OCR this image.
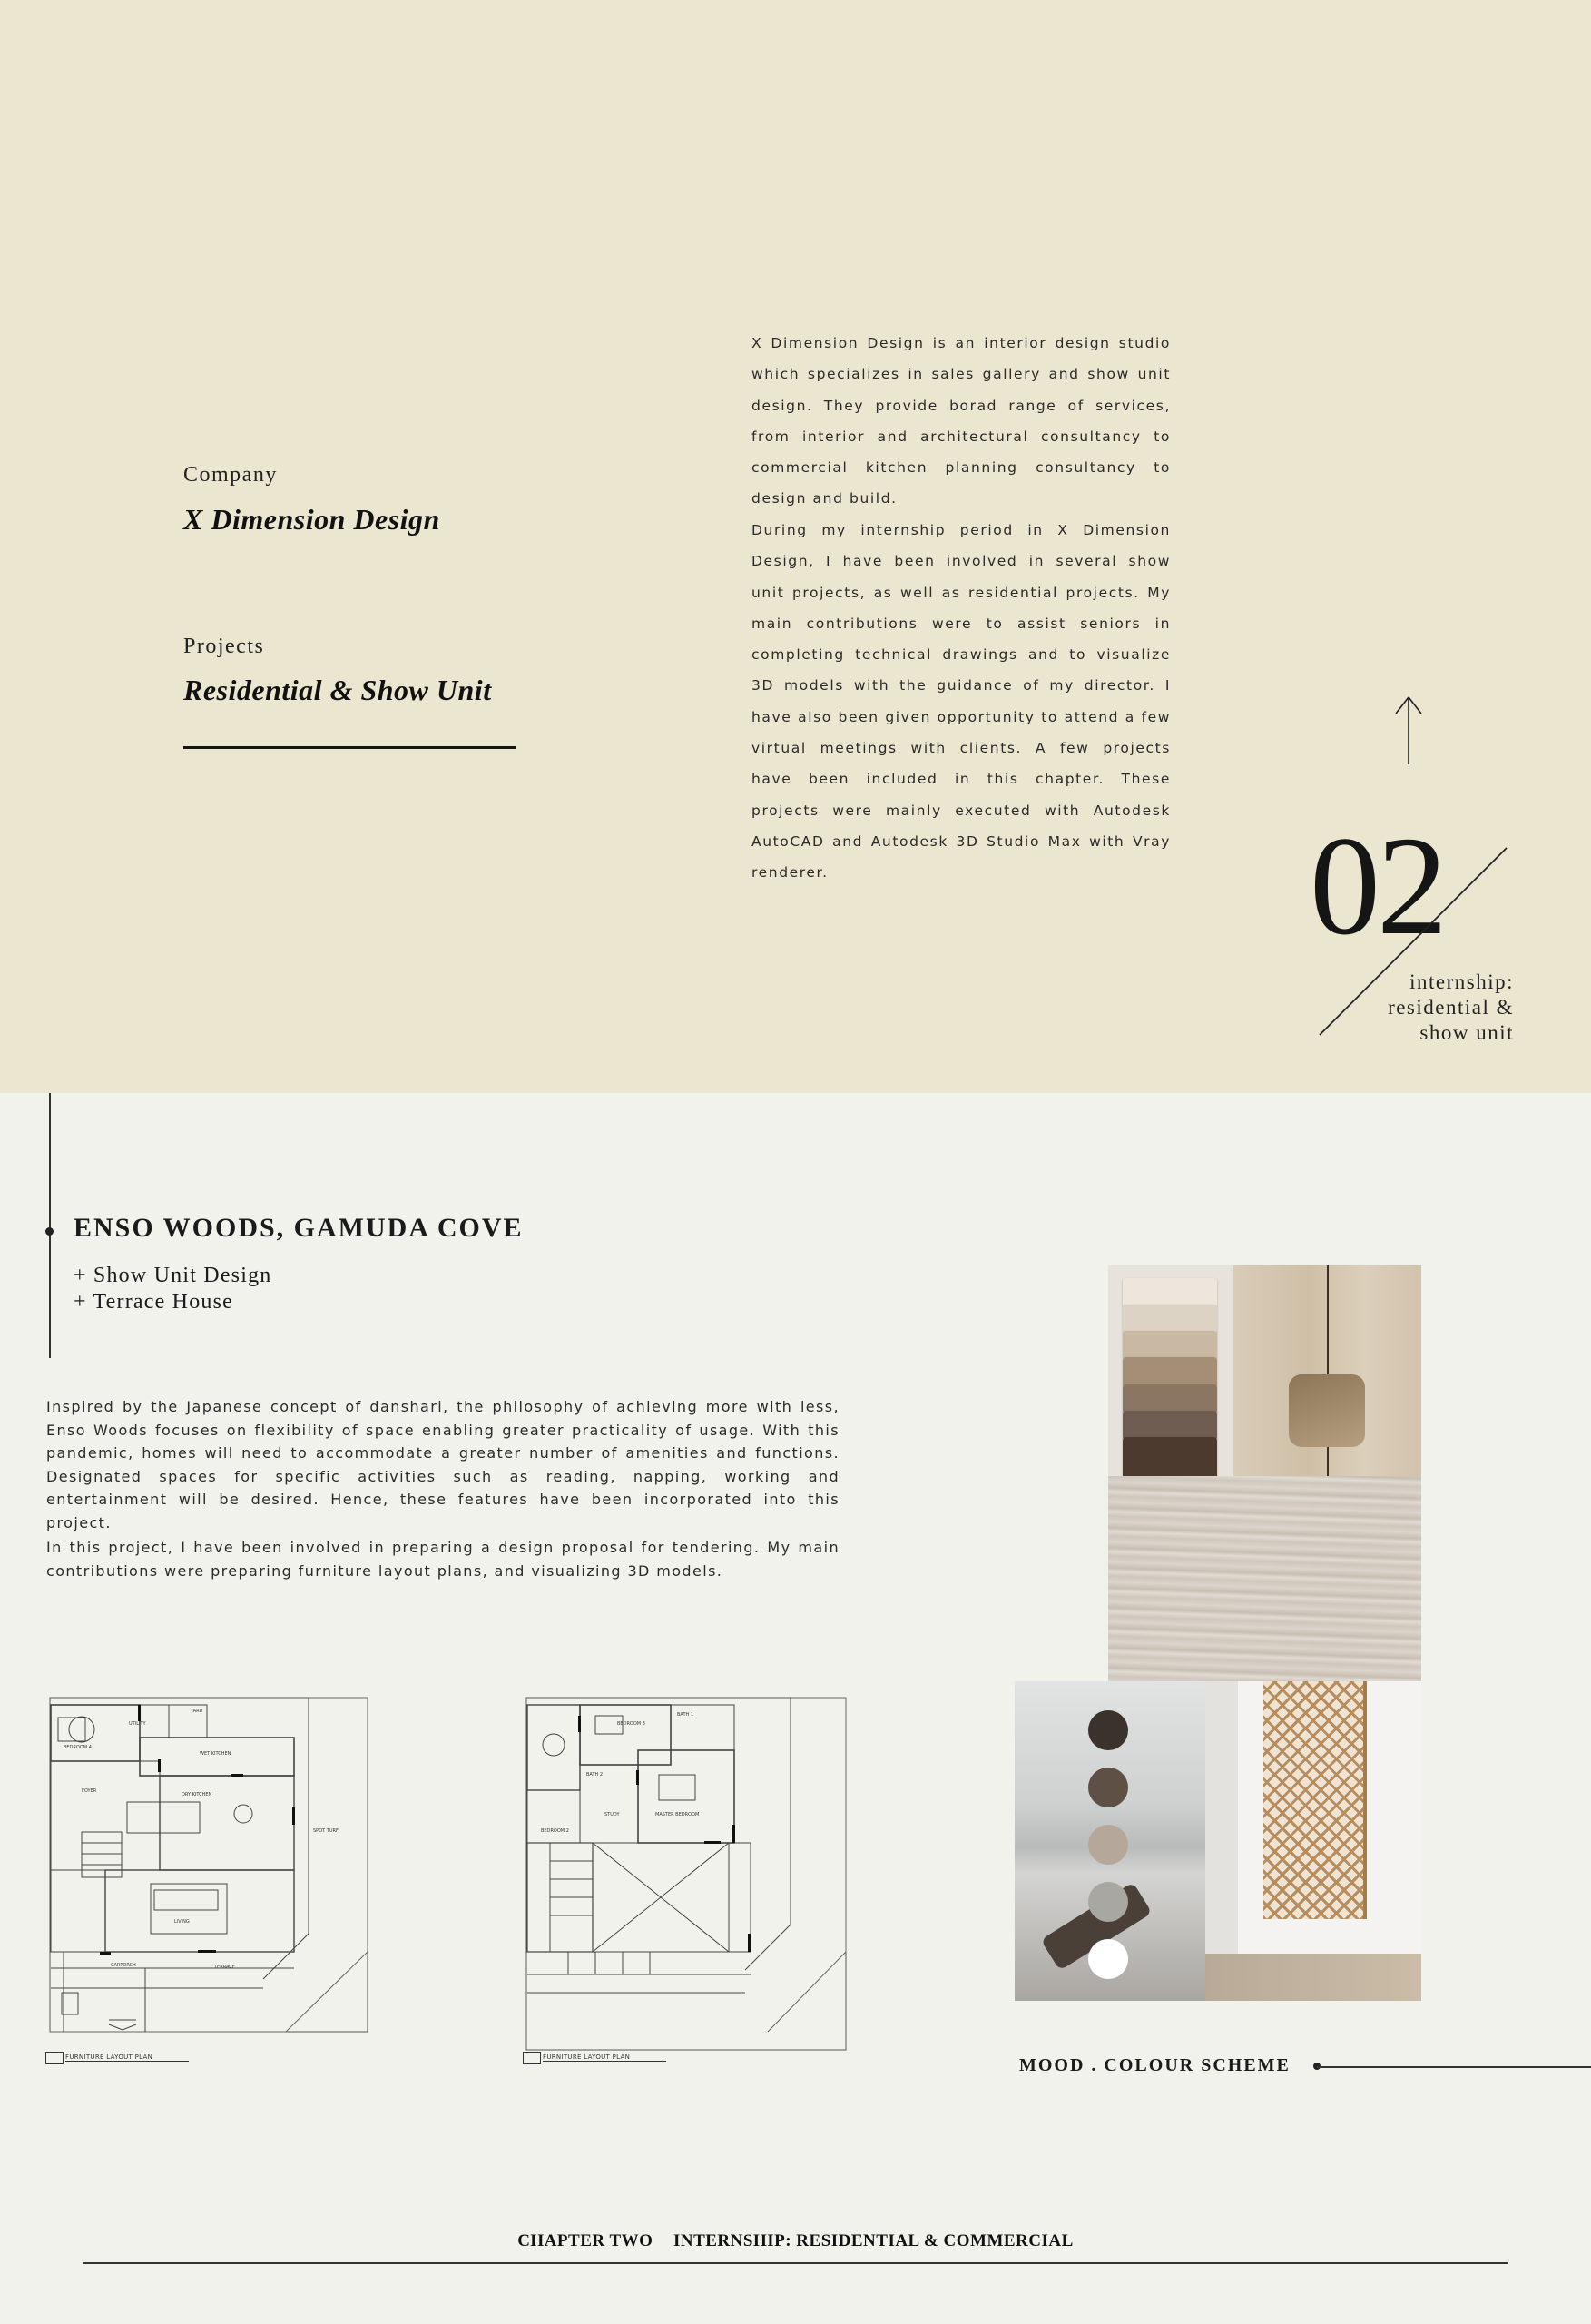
Company
X Dimension Design
Projects
Residential & Show Unit
X Dimension Design is an interior design studio which specializes in sales gallery and show unit design. They provide borad range of services, from interior and architectural consultancy to commercial kitchen planning consultancy to design and build.
During my internship period in X Dimension Design, I have been involved in several show unit projects, as well as residential projects. My main contributions were to assist seniors in completing technical drawings and to visualize 3D models with the guidance of my director. I have also been given opportunity to attend a few virtual meetings with clients. A few projects have been included in this chapter. These projects were mainly executed with Autodesk AutoCAD and Autodesk 3D Studio Max with Vray renderer.	02
internship:
residential &
show unit
ENSO WOODS, GAMUDA COVE
+ Show Unit Design
+ Terrace House
Inspired by the Japanese concept of danshari, the philosophy of achieving more with less, Enso Woods focuses on flexibility of space enabling greater practicality of usage. With this pandemic, homes will need to accommodate a greater number of amenities and functions. Designated spaces for specific activities such as reading, napping, working and entertainment will be desired. Hence, these features have been incorporated into this project.
In this project, I have been involved in preparing a design proposal for tendering. My main contributions were preparing furniture layout plans, and visualizing 3D models.
BEDROOM 4
UTILITY
YARD
WET KITCHEN
DRY KITCHEN
FOYER
LIVING
CARPORCH	TERRACE
SPOT TURF
FURNITURE LAYOUT PLAN
BEDROOM 3
BEDROOM 2
STUDY	MASTER BEDROOM
BATH 2
BATH 1
FURNITURE LAYOUT PLAN	MOOD . COLOUR SCHEME
CHAPTER TWO INTERNSHIP: RESIDENTIAL & COMMERCIAL
